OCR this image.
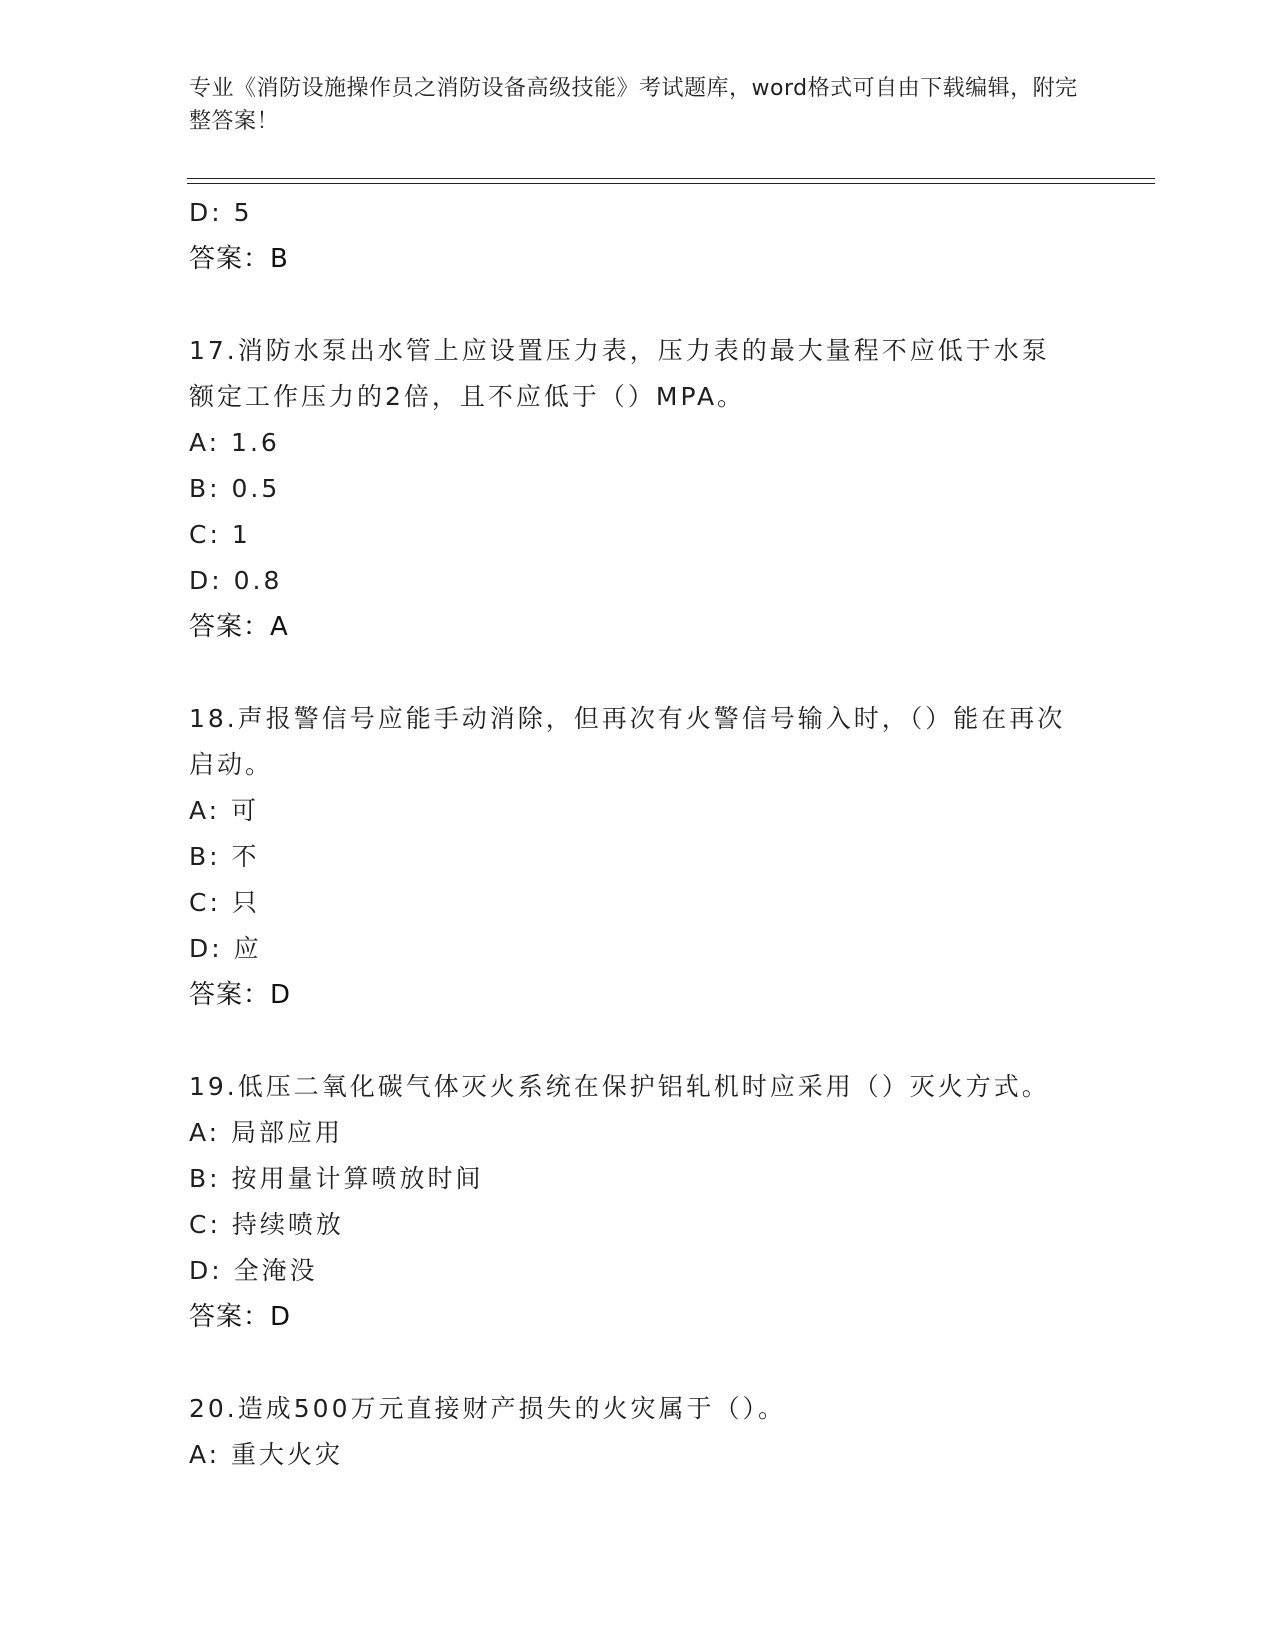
专业《消防设施操作员之消防设备高级技能》考试题库，word格式可自由下载编辑，附完整答案！
D: 5
答案：B
17.消防水泵出水管上应设置压力表，压力表的最大量程不应低于水泵额定工作压力的2倍，且不应低于（）MPA。
A: 1.6
B: 0.5
C: 1
D: 0.8
答案：A
18.声报警信号应能手动消除，但再次有火警信号输入时，（）能在再次启动。
A: 可
B: 不
C: 只
D: 应
答案：D
19.低压二氧化碳气体灭火系统在保护铝轧机时应采用（）灭火方式。
A: 局部应用
B: 按用量计算喷放时间
C: 持续喷放
D: 全淹没
答案：D
20.造成500万元直接财产损失的火灾属于（）。
A: 重大火灾
